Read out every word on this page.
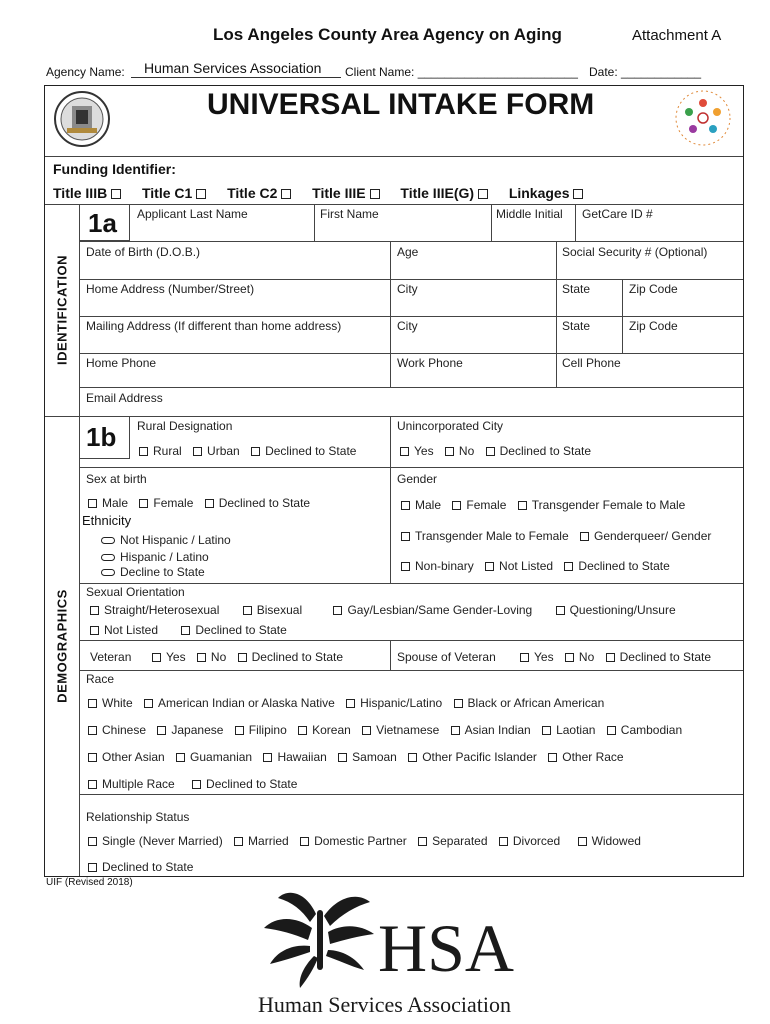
Los Angeles County Area Agency on Aging	Attachment A
Agency Name: Human Services Association Client Name: ________________________ Date: ____________
UNIVERSAL INTAKE FORM
Funding Identifier:
Title IIIB Title C1 Title C2 Title IIIE Title IIIE(G) Linkages
IDENTIFICATION
DEMOGRAPHICS
1a Applicant Last Name	First Name	Middle Initial GetCare ID #
Date of Birth (D.O.B.)	Age	Social Security # (Optional)
Home Address (Number/Street)	City	State	Zip Code
Mailing Address (If different than home address)	City	State	Zip Code
Home Phone	Work Phone	Cell Phone
Email Address
1b Rural Designation
Rural Urban Declined to State
Unincorporated City
Yes No Declined to State
Sex at birth
Male Female Declined to State
Ethnicity
Not Hispanic / Latino
Hispanic / Latino
Decline to State
Gender
Male Female Transgender Female to Male
Transgender Male to Female Genderqueer/ Gender
Non-binary Not Listed Declined to State
Sexual Orientation
Straight/Heterosexual	Bisexual	Gay/Lesbian/Same Gender-Loving	Questioning/Unsure
Not Listed	Declined to State
Veteran	Yes No Declined to State	Spouse of Veteran	Yes No Declined to State
Race
White American Indian or Alaska Native Hispanic/Latino Black or African American
Chinese Japanese Filipino Korean Vietnamese Asian Indian Laotian Cambodian
Other Asian Guamanian Hawaiian Samoan Other Pacific Islander Other Race
Multiple Race	Declined to State
Relationship Status
Single (Never Married) Married Domestic Partner Separated Divorced	Widowed
Declined to State
UIF (Revised 2018)
HSA
Human Services Association
